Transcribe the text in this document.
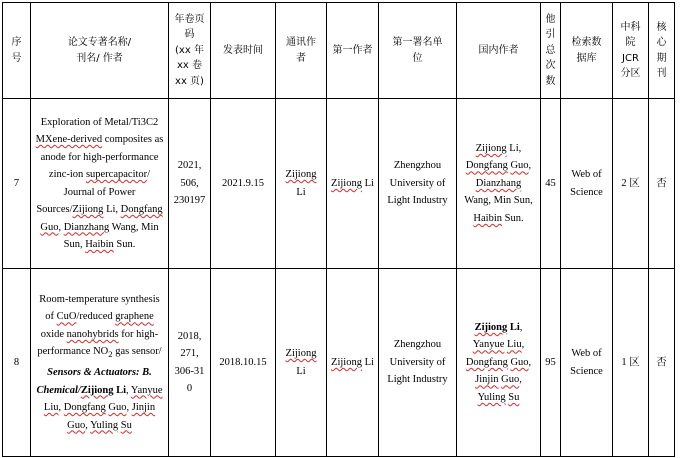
序
号	论文专著名称/
刊名/ 作者	年卷页
码
(xx 年
xx 卷
xx 页)	发表时间	通讯作
者	第一作者	第一署名单
位	国内作者	他
引
总
次
数	检索数
据库	中科
院
JCR
分区	核
心
期
刊
7	Exploration of Metal/Ti3C2 MXene-derived composites as anode for high-performance zinc-ion supercapacitor/ Journal of Power Sources/Zijiong Li, Dongfang Guo, Dianzhang Wang, Min Sun, Haibin Sun.	2021,
506,
230197	2021.9.15	Zijiong
Li	Zijiong Li	Zhengzhou University of Light Industry	Zijiong Li,
Dongfang Guo,
Dianzhang
Wang, Min Sun,
Haibin Sun.	45	Web of Science	2 区	否
8	Room-temperature synthesis of CuO/reduced graphene oxide nanohybrids for high-performance $NO_2$ gas sensor/ Sensors & Actuators: B. Chemical/Zijiong Li, Yanyue Liu, Dongfang Guo, Jinjin Guo, Yuling Su	2018,
271,
306-31
0	2018.10.15	Zijiong
Li	Zijiong Li	Zhengzhou University of Light Industry	Zijiong Li,
Yanyue Liu,
Dongfang Guo,
Jinjin Guo,
Yuling Su	95	Web of Science	1 区	否
